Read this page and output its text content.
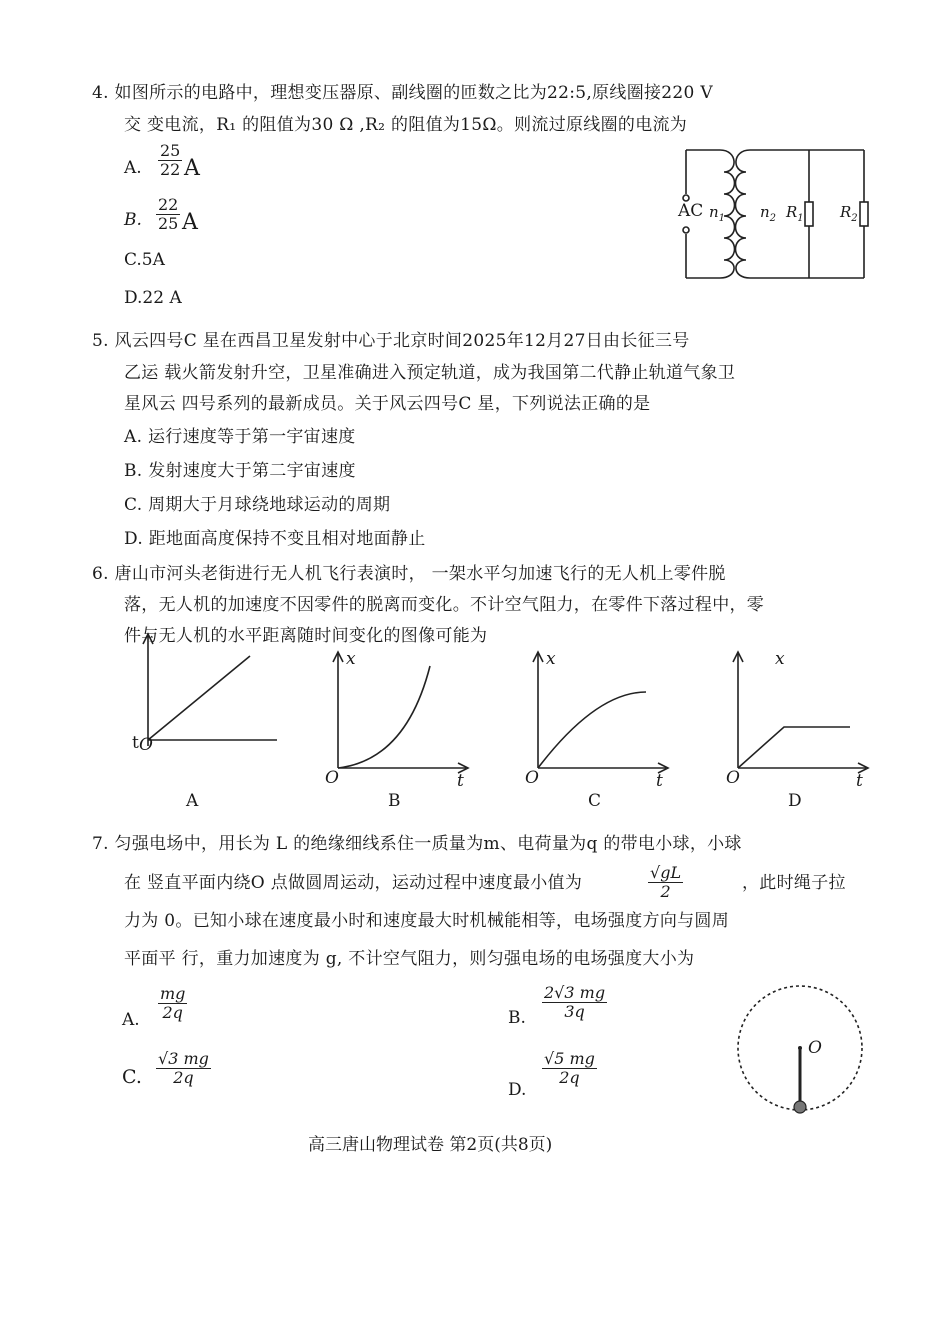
4. 如图所示的电路中，理想变压器原、副线圈的匝数之比为22:5,原线圈接220 V
交 变电流，R₁ 的阻值为30 Ω ,R₂ 的阻值为15Ω。则流过原线圈的电流为
A. $\frac{25}{22}$ A
B. $\frac{22}{25}$ A
C.5A
D.22 A
AC $n_1$ $n_2$ $R_1$ $R_2$
5. 风云四号C 星在西昌卫星发射中心于北京时间2025年12月27日由长征三号
乙运 载火箭发射升空，卫星准确进入预定轨道，成为我国第二代静止轨道气象卫
星风云 四号系列的最新成员。关于风云四号C 星，下列说法正确的是
A. 运行速度等于第一宇宙速度
B. 发射速度大于第二宇宙速度
C. 周期大于月球绕地球运动的周期
D. 距地面高度保持不变且相对地面静止
6. 唐山市河头老街进行无人机飞行表演时， 一架水平匀加速飞行的无人机上零件脱
落，无人机的加速度不因零件的脱离而变化。不计空气阻力，在零件下落过程中，零
件与无人机的水平距离随时间变化的图像可能为
t O
A
x
O	t
B
x
O	t
C
x
O	t
D
7. 匀强电场中，用长为 L 的绝缘细线系住一质量为m、电荷量为q 的带电小球，小球
在 竖直平面内绕O 点做圆周运动，运动过程中速度最小值为	$\frac{√gL}{2}$	，此时绳子拉
力为 0。已知小球在速度最小时和速度最大时机械能相等，电场强度方向与圆周
平面平 行，重力加速度为 g, 不计空气阻力，则匀强电场的电场强度大小为
A. $\frac{mg}{2q}$	B. $\frac{2√3 mg}{3q}$
C. $\frac{√3 mg}{2q}$
D.
$\frac{√5 mg}{2q}$
O
高三唐山物理试卷 第2页(共8页)
